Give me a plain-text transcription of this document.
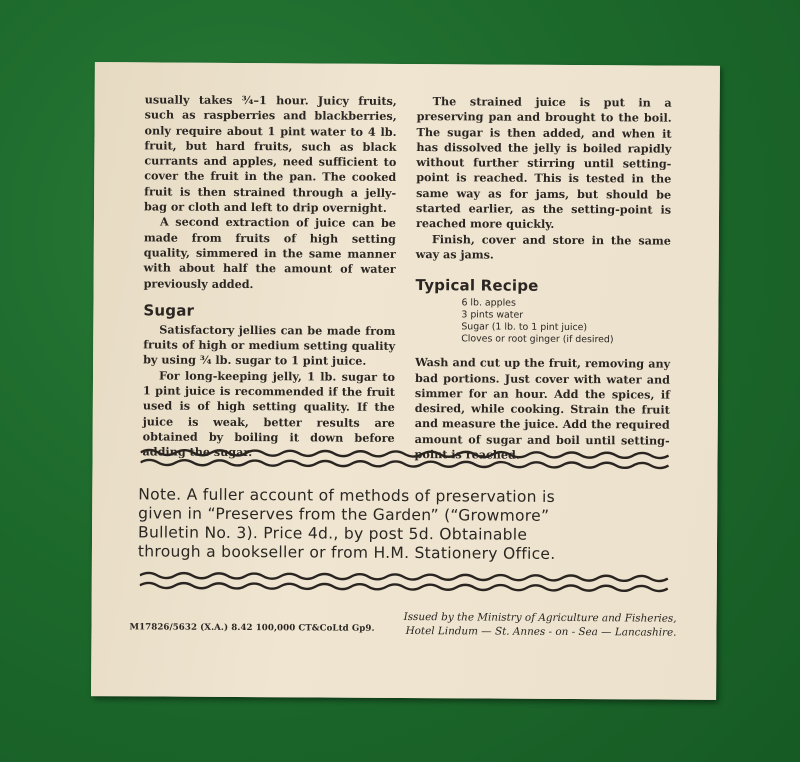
usually takes ¾–1 hour. Juicy fruits, such as raspberries and blackberries, only require about 1 pint water to 4 lb. fruit, but hard fruits, such as black currants and apples, need sufficient to cover the fruit in the pan. The cooked fruit is then strained through a jelly-bag or cloth and left to drip overnight.

A second extraction of juice can be made from fruits of high setting quality, simmered in the same manner with about half the amount of water previously added.

Sugar

Satisfactory jellies can be made from fruits of high or medium setting quality by using ¾ lb. sugar to 1 pint juice.

For long-keeping jelly, 1 lb. sugar to 1 pint juice is recommended if the fruit used is of high setting quality. If the juice is weak, better results are obtained by boiling it down before adding the sugar.

The strained juice is put in a preserving pan and brought to the boil. The sugar is then added, and when it has dissolved the jelly is boiled rapidly without further stirring until setting-point is reached. This is tested in the same way as for jams, but should be started earlier, as the setting-point is reached more quickly.

Finish, cover and store in the same way as jams.

Typical Recipe
6 lb. apples
3 pints water
Sugar (1 lb. to 1 pint juice)
Cloves or root ginger (if desired)

Wash and cut up the fruit, removing any bad portions. Just cover with water and simmer for an hour. Add the spices, if desired, while cooking. Strain the fruit and measure the juice. Add the required amount of sugar and boil until setting-point is reached.

Note. A fuller account of methods of preservation is
given in “Preserves from the Garden” (“Growmore”
Bulletin No. 3). Price 4d., by post 5d. Obtainable
through a bookseller or from H.M. Stationery Office.
M17826/5632 (X.A.) 8.42 100,000 CT&CoLtd Gp9.
Issued by the Ministry of Agriculture and Fisheries,
Hotel Lindum — St. Annes - on - Sea — Lancashire.
